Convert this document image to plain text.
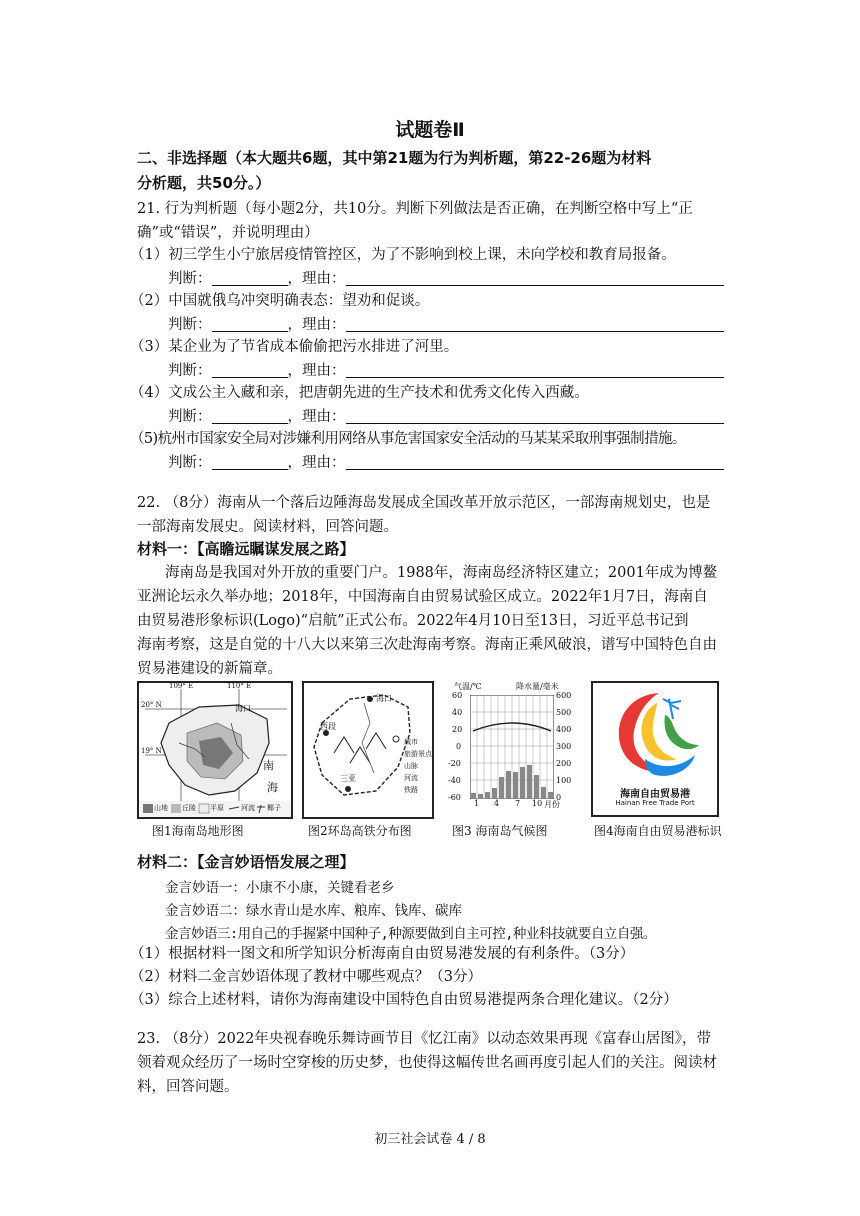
试题卷Ⅱ
二、非选择题（本大题共6题，其中第21题为行为判析题，第22-26题为材料
分析题，共50分。）
21. 行为判析题（每小题2分，共10分。判断下列做法是否正确，在判断空格中写上“正
确”或“错误”，并说明理由）
（1）初三学生小宁旅居疫情管控区，为了不影响到校上课，未向学校和教育局报备。
判断：	，理由：
（2）中国就俄乌冲突明确表态：望劝和促谈。
判断：	，理由：
（3）某企业为了节省成本偷偷把污水排进了河里。
判断：	，理由：
（4）文成公主入藏和亲，把唐朝先进的生产技术和优秀文化传入西藏。
判断：	，理由：
（5)杭州市国家安全局对涉嫌利用网络从事危害国家安全活动的马某某采取刑事强制措施。
判断：	，理由：
22. （8分）海南从一个落后边陲海岛发展成全国改革开放示范区，一部海南规划史，也是
一部海南发展史。阅读材料，回答问题。
材料一：【高瞻远瞩谋发展之路】
海南岛是我国对外开放的重要门户。1988年，海南岛经济特区建立；2001年成为博鳌
亚洲论坛永久举办地；2018年，中国海南自由贸易试验区成立。2022年1月7日，海南自
由贸易港形象标识(Logo)“启航”正式公布。2022年4月10日至13日，习近平总书记到
海南考察，这是自觉的十八大以来第三次赴海南考察。海南正乘风破浪，谱写中国特色自由
贸易港建设的新篇章。
109° E	110° E
20° N
19° N
海口
南
海
山地 丘陵 平原 河流 椰子
图1海南岛地形图
海口
西段
三亚
城市
旅游景点
山脉
河流
铁路
图2环岛高铁分布图
气温/℃	降水量/毫米
60
40
20
0
-20
-40
-60
600
500
400
300
200
100
0
1 4 7 10 月份
图3 海南岛气候图
海南自由贸易港
Hainan Free Trade Port
图4海南自由贸易港标识
材料二：【金言妙语悟发展之理】
金言妙语一：小康不小康，关键看老乡
金言妙语二：绿水青山是水库、粮库、钱库、碳库
金言妙语三:用自己的手握紧中国种子,种源要做到自主可控,种业科技就要自立自强。
（1）根据材料一图文和所学知识分析海南自由贸易港发展的有利条件。（3分）
（2）材料二金言妙语体现了教材中哪些观点？（3分）
（3）综合上述材料，请你为海南建设中国特色自由贸易港提两条合理化建议。（2分）
23. （8分）2022年央视春晚乐舞诗画节目《忆江南》以动态效果再现《富春山居图》，带
领着观众经历了一场时空穿梭的历史梦，也使得这幅传世名画再度引起人们的关注。阅读材
料，回答问题。
初三社会试卷 4 / 8
